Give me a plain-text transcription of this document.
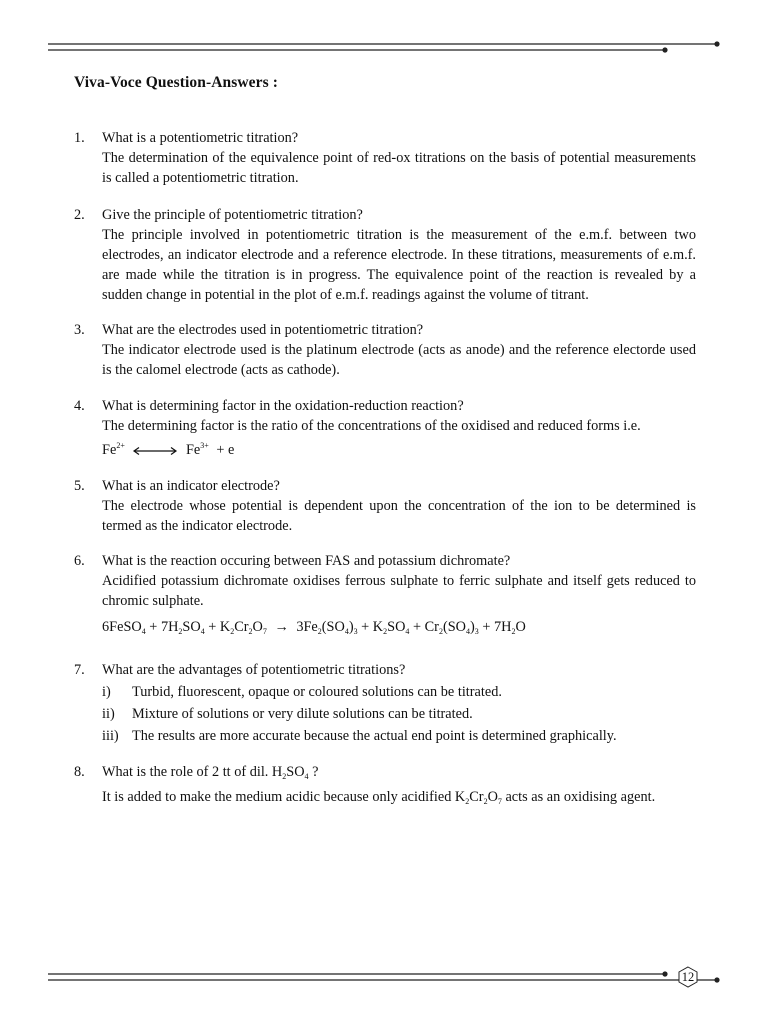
Viva-Voce Question-Answers :
1.	What is a potentiometric titration?
The determination of the equivalence point of red-ox titrations on the basis of potential measurements is called a potentiometric titration.
2.	Give the principle of potentiometric titration?
The principle involved in potentiometric titration is the measurement of the e.m.f. between two electrodes, an indicator electrode and a reference electrode. In these titrations, measurements of e.m.f. are made while the titration is in progress. The equivalence point of the reaction is revealed by a sudden change in potential in the plot of e.m.f. readings against the volume of titrant.
3.	What are the electrodes used in potentiometric titration?
The indicator electrode used is the platinum electrode (acts as anode) and the reference electorde used is the calomel electrode (acts as cathode).
4.	What is determining factor in the oxidation-reduction reaction?
The determining factor is the ratio of the concentrations of the oxidised and reduced forms i.e.
$Fe^{2+}$	$Fe^{3+} + e$
5.	What is an indicator electrode?
The electrode whose potential is dependent upon the concentration of the ion to be determined is termed as the indicator electrode.
6.	What is the reaction occuring between FAS and potassium dichromate?
Acidified potassium dichromate oxidises ferrous sulphate to ferric sulphate and itself gets reduced to chromic sulphate.
6FeSO$_4$ + $7H_2SO_4 + K_2Cr_2O_7 \to 3Fe_2(SO_4)_3 + K_2SO_4 + Cr_2(SO_4)_3 + 7H_2O$
7.	What are the advantages of potentiometric titrations?
i)	Turbid, fluorescent, opaque or coloured solutions can be titrated.
ii)	Mixture of solutions or very dilute solutions can be titrated.
iii) The results are more accurate because the actual end point is determined graphically.
8.	What is the role of 2 tt of dil. $H_2SO_4$ ?
It is added to make the medium acidic because only acidified $K_2Cr_2O_7$ acts as an oxidising agent.
12
